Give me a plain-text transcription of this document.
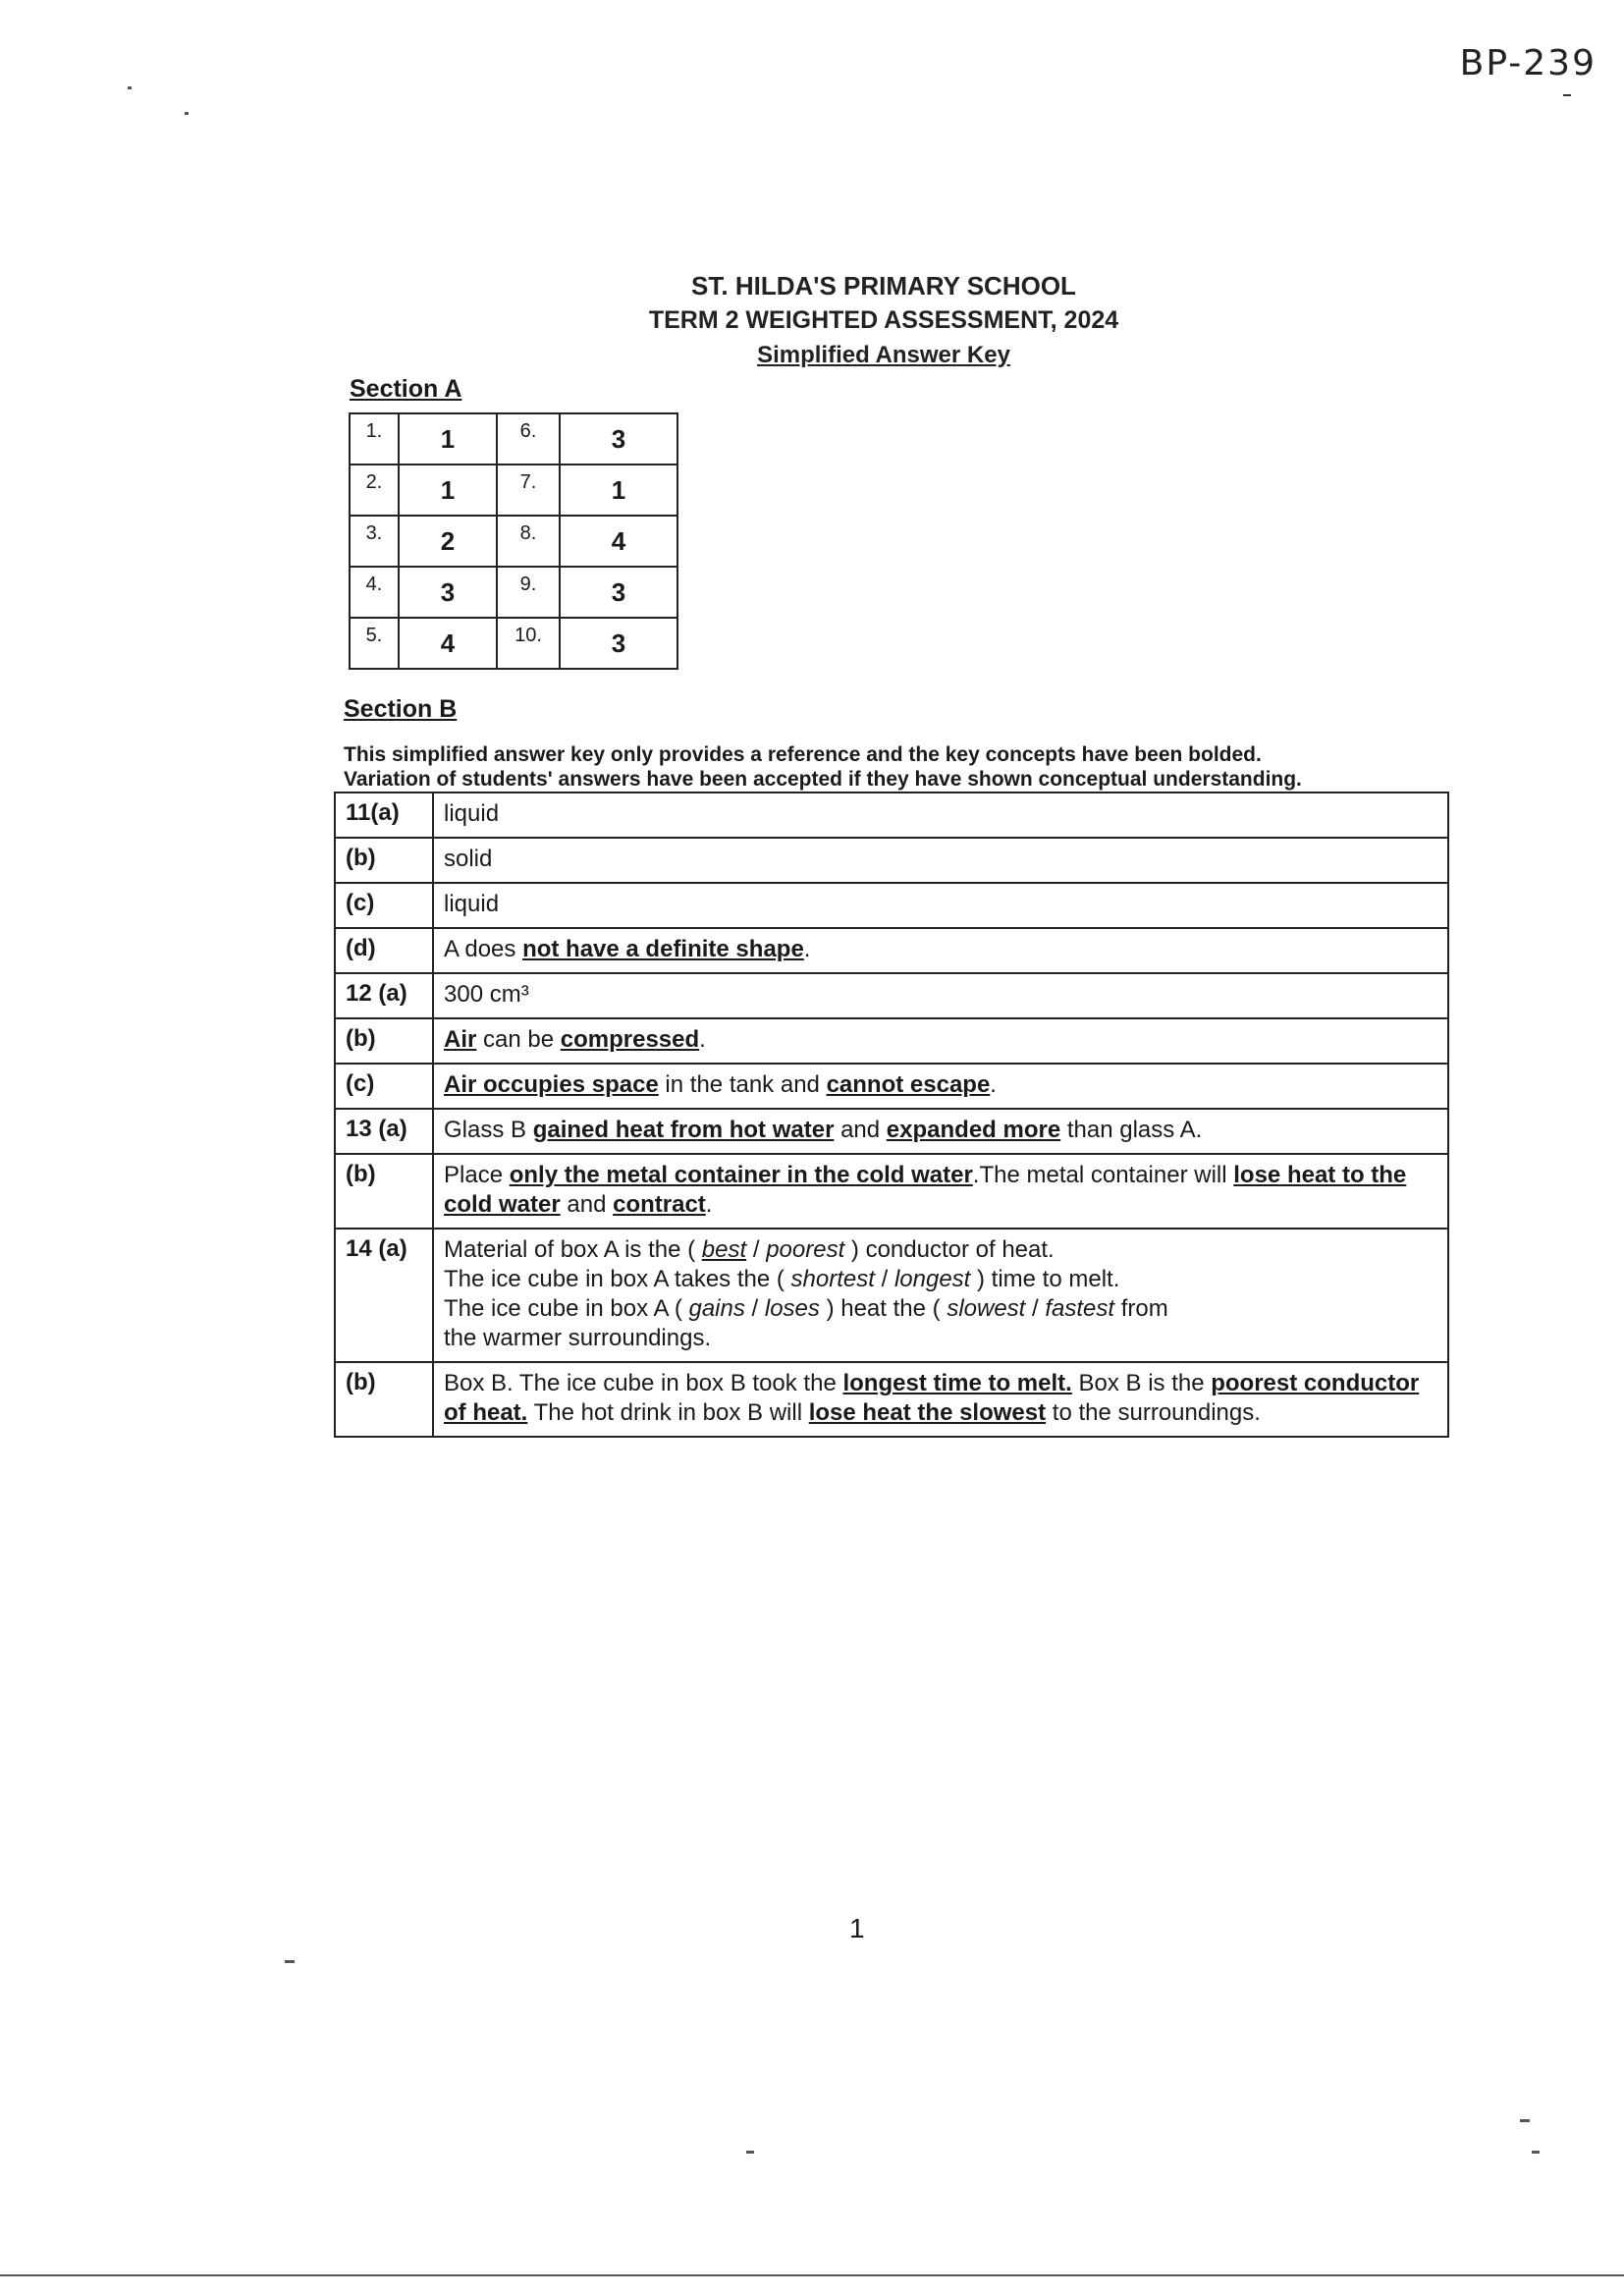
BP-239
ST. HILDA'S PRIMARY SCHOOL
TERM 2 WEIGHTED ASSESSMENT, 2024
Simplified Answer Key
Section A
1.	1	6.	3
2.	1	7.	1
3.	2	8.	4
4.	3	9.	3
5.	4	10.	3
Section B
This simplified answer key only provides a reference and the key concepts have been bolded.
Variation of students' answers have been accepted if they have shown conceptual understanding.
11(a)	liquid
(b)	solid
(c)	liquid
(d)	A does not have a definite shape.
12 (a)	300 cm³
(b)	Air can be compressed.
(c)	Air occupies space in the tank and cannot escape.
13 (a)	Glass B gained heat from hot water and expanded more than glass A.
(b)	Place only the metal container in the cold water.The metal container will lose heat to the cold water and contract.
14 (a)	Material of box A is the ( best / poorest ) conductor of heat.
The ice cube in box A takes the ( shortest / longest ) time to melt.
The ice cube in box A ( gains / loses ) heat the ( slowest / fastest from
the warmer surroundings.

(b)	Box B. The ice cube in box B took the longest time to melt. Box B is the poorest conductor of heat. The hot drink in box B will lose heat the slowest to the surroundings.
1
